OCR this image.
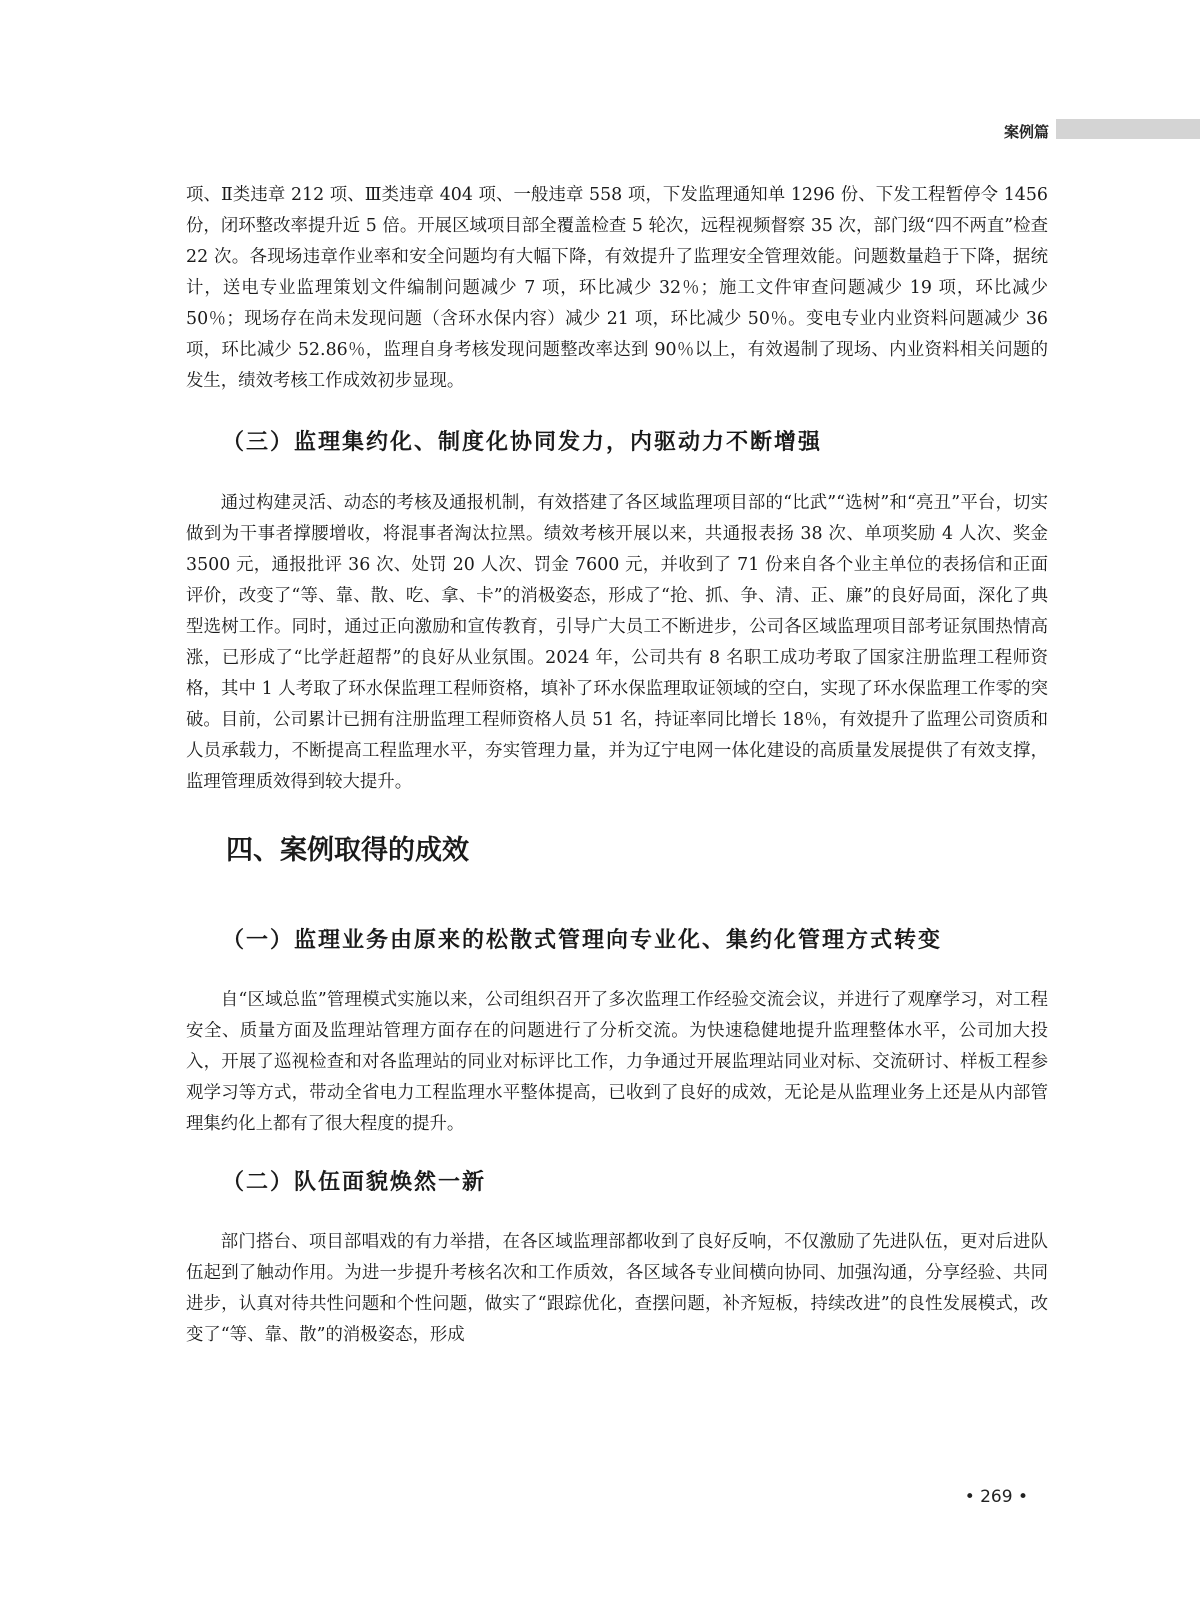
案例篇

项、Ⅱ类违章 212 项、Ⅲ类违章 404 项、一般违章 558 项，下发监理通知单 1296 份、下发工程暂停令 1456 份，闭环整改率提升近 5 倍。开展区域项目部全覆盖检查 5 轮次，远程视频督察 35 次，部门级“四不两直”检查 22 次。各现场违章作业率和安全问题均有大幅下降，有效提升了监理安全管理效能。问题数量趋于下降，据统计，送电专业监理策划文件编制问题减少 7 项，环比减少 32％；施工文件审查问题减少 19 项，环比减少 50％；现场存在尚未发现问题（含环水保内容）减少 21 项，环比减少 50％。变电专业内业资料问题减少 36 项，环比减少 52.86％，监理自身考核发现问题整改率达到 90％以上，有效遏制了现场、内业资料相关问题的发生，绩效考核工作成效初步显现。

（三）监理集约化、制度化协同发力，内驱动力不断增强

通过构建灵活、动态的考核及通报机制，有效搭建了各区域监理项目部的“比武”“选树”和“亮丑”平台，切实做到为干事者撑腰增收，将混事者淘汰拉黑。绩效考核开展以来，共通报表扬 38 次、单项奖励 4 人次、奖金 3500 元，通报批评 36 次、处罚 20 人次、罚金 7600 元，并收到了 71 份来自各个业主单位的表扬信和正面评价，改变了“等、靠、散、吃、拿、卡”的消极姿态，形成了“抢、抓、争、清、正、廉”的良好局面，深化了典型选树工作。同时，通过正向激励和宣传教育，引导广大员工不断进步，公司各区域监理项目部考证氛围热情高涨，已形成了“比学赶超帮”的良好从业氛围。2024 年，公司共有 8 名职工成功考取了国家注册监理工程师资格，其中 1 人考取了环水保监理工程师资格，填补了环水保监理取证领域的空白，实现了环水保监理工作零的突破。目前，公司累计已拥有注册监理工程师资格人员 51 名，持证率同比增长 18％，有效提升了监理公司资质和人员承载力，不断提高工程监理水平，夯实管理力量，并为辽宁电网一体化建设的高质量发展提供了有效支撑，监理管理质效得到较大提升。

四、案例取得的成效
（一）监理业务由原来的松散式管理向专业化、集约化管理方式转变

自“区域总监”管理模式实施以来，公司组织召开了多次监理工作经验交流会议，并进行了观摩学习，对工程安全、质量方面及监理站管理方面存在的问题进行了分析交流。为快速稳健地提升监理整体水平，公司加大投入，开展了巡视检查和对各监理站的同业对标评比工作，力争通过开展监理站同业对标、交流研讨、样板工程参观学习等方式，带动全省电力工程监理水平整体提高，已收到了良好的成效，无论是从监理业务上还是从内部管理集约化上都有了很大程度的提升。

（二）队伍面貌焕然一新

部门搭台、项目部唱戏的有力举措，在各区域监理部都收到了良好反响，不仅激励了先进队伍，更对后进队伍起到了触动作用。为进一步提升考核名次和工作质效，各区域各专业间横向协同、加强沟通，分享经验、共同进步，认真对待共性问题和个性问题，做实了“跟踪优化，查摆问题，补齐短板，持续改进”的良性发展模式，改变了“等、靠、散”的消极姿态，形成

• 269 •
